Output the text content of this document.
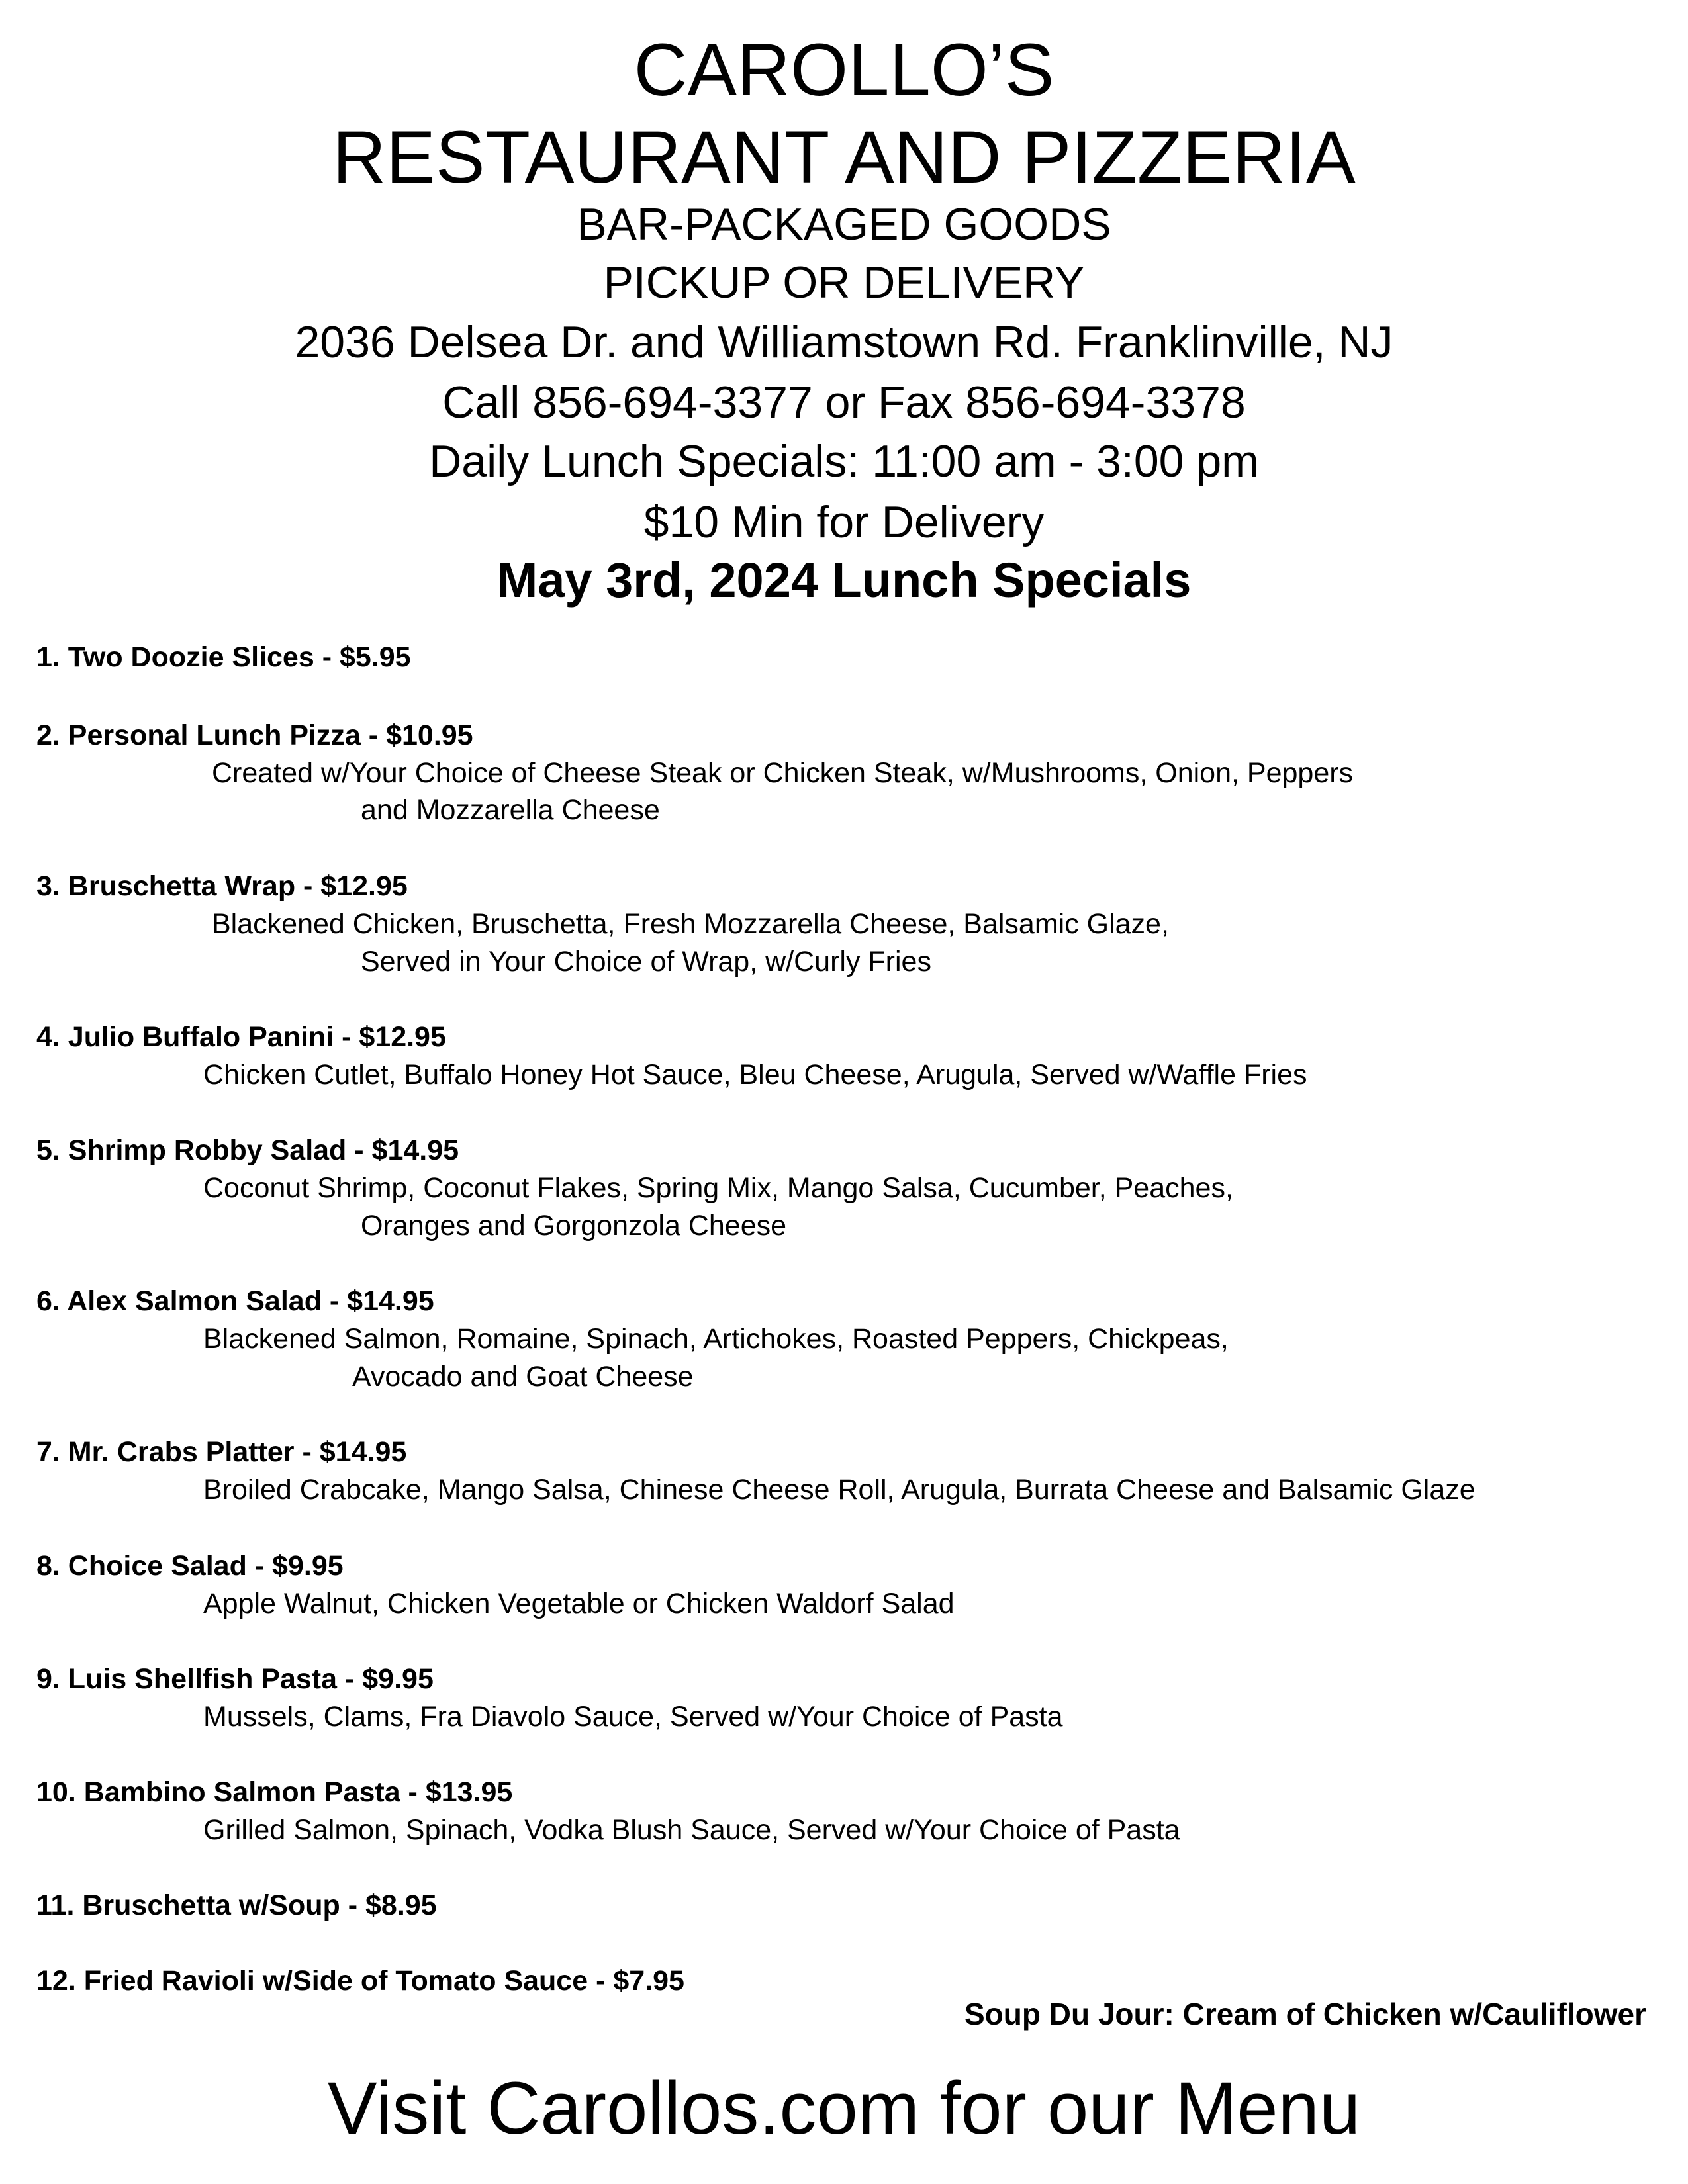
CAROLLO’S
RESTAURANT AND PIZZERIA
BAR-PACKAGED GOODS
PICKUP OR DELIVERY
2036 Delsea Dr. and Williamstown Rd. Franklinville, NJ
Call 856-694-3377 or Fax 856-694-3378
Daily Lunch Specials: 11:00 am - 3:00 pm
$10 Min for Delivery
May 3rd, 2024 Lunch Specials
1. Two Doozie Slices - $5.95
2. Personal Lunch Pizza - $10.95
Created w/Your Choice of Cheese Steak or Chicken Steak, w/Mushrooms, Onion, Peppers
and Mozzarella Cheese
3. Bruschetta Wrap - $12.95
Blackened Chicken, Bruschetta, Fresh Mozzarella Cheese, Balsamic Glaze,
Served in Your Choice of Wrap, w/Curly Fries
4. Julio Buffalo Panini - $12.95
Chicken Cutlet, Buffalo Honey Hot Sauce, Bleu Cheese, Arugula, Served w/Waffle Fries
5. Shrimp Robby Salad - $14.95
Coconut Shrimp, Coconut Flakes, Spring Mix, Mango Salsa, Cucumber, Peaches,
Oranges and Gorgonzola Cheese
6. Alex Salmon Salad - $14.95
Blackened Salmon, Romaine, Spinach, Artichokes, Roasted Peppers, Chickpeas,
Avocado and Goat Cheese
7. Mr. Crabs Platter - $14.95
Broiled Crabcake, Mango Salsa, Chinese Cheese Roll, Arugula, Burrata Cheese and Balsamic Glaze
8. Choice Salad - $9.95
Apple Walnut, Chicken Vegetable or Chicken Waldorf Salad
9. Luis Shellfish Pasta - $9.95
Mussels, Clams, Fra Diavolo Sauce, Served w/Your Choice of Pasta
10. Bambino Salmon Pasta - $13.95
Grilled Salmon, Spinach, Vodka Blush Sauce, Served w/Your Choice of Pasta
11. Bruschetta w/Soup - $8.95
12. Fried Ravioli w/Side of Tomato Sauce - $7.95
Soup Du Jour: Cream of Chicken w/Cauliflower
Visit Carollos.com for our Menu
